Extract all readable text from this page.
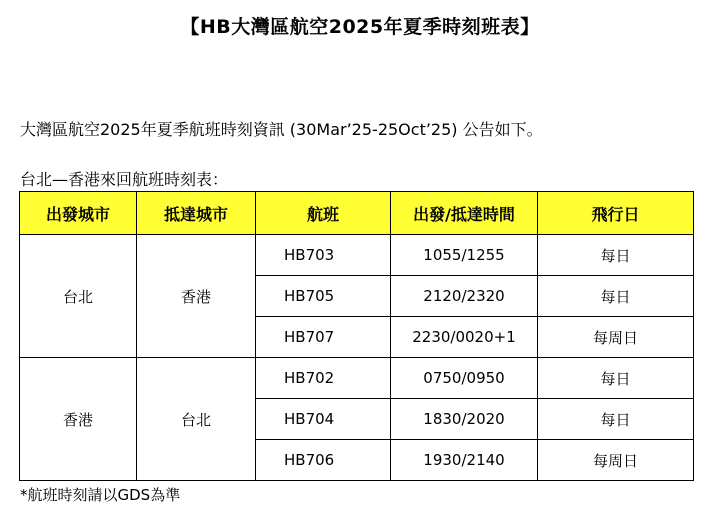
【HB大灣區航空2025年夏季時刻班表】
大灣區航空2025年夏季航班時刻資訊 (30Mar’25-25Oct’25) 公告如下。
台北—香港來回航班時刻表：
出發城市	抵達城市	航班	出發/抵達時間	飛行日
台北	香港	HB703	1055/1255	每日
		HB705	2120/2320	每日
		HB707	2230/0020+1	每周日
香港	台北	HB702	0750/0950	每日
		HB704	1830/2020	每日
		HB706	1930/2140	每周日
*航班時刻請以GDS為準
